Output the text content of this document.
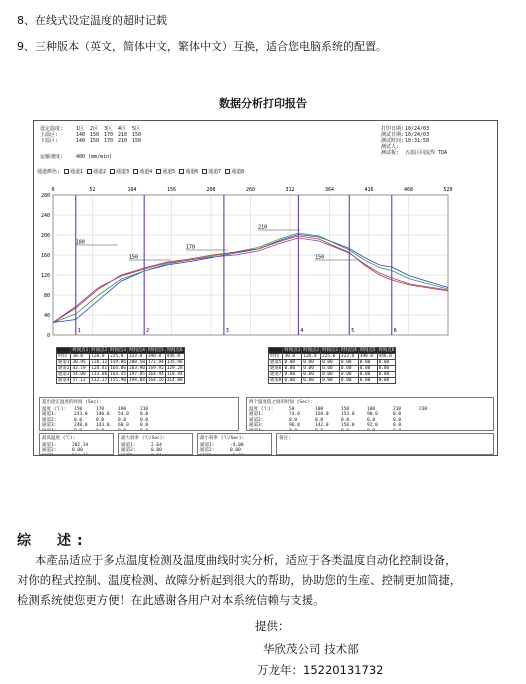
8、在线式设定温度的超时记载
9、三种版本（英文，简体中文，繁体中文）互换，适合您电脑系统的配置。
数据分析打印报告
设定温度:	1区 2区 3区 4区 5区
上温区:	140 150 170 210 150
下温区:	140 150 170 210 150
运输速度:	480 (mm/min)
打印日期:10/24/03
测试日期:10/24/03
测试时间:10:31:58
测试人:
测试板: 五温区回流焊 TDA
通道颜色: 通道1 通道2 通道3 通道4 通道5 通道6 通道7 通道8
0
40
80
120
160
200
240
280
0	52	104	156	208	260	312	364	416	468	520
1	2	3	4	5	6
180
150
170
210
150
	时间点1	时间点2	时间点3	时间点4	时间点5	时间点6
时间	30.0	120.0	225.0	323.0	390.0	446.0
通道1	30.95	128.12	159.86	200.58	172.94	135.96
通道2	42.19	128.41	164.06	203.90	169.92	129.28
通道3	54.00	133.88	164.45	197.85	164.94	110.44
通道4	57.12	132.27	155.90	194.04	164.16	114.08
	时间点1	时间点2	时间点3	时间点4	时间点5	时间点6
时间	30.0	120.0	225.0	323.0	390.0	446.0
通道5	0.00	0.00	0.00	0.00	0.00	0.00
通道6	0.00	0.00	0.00	0.00	0.00	0.00
通道7	0.00	0.00	0.00	0.00	0.00	0.00
通道8	0.00	0.00	0.00	0.00	0.00	0.00
超出指定温度的时间 (Sec):
温度 (℃):	150	170	190	210
通道1:	243.0	140.0	54.0	0.0
通道2:	0.0	0.0	0.0	0.0
通道3:	248.0	143.0	60.0	0.0
两个温度值之间的时间 (Sec):
温度 (℃):	50	100	150	180	210	230
通道1:	74.0	150.0	153.0	90.0	0.0
通道2:	0.0	0.0	0.0	0.0	0.0
通道3:	96.0	142.0	156.0	92.0	0.0
最高温度 (℃):
通道1:	202.34
通道2:	0.00
最大斜率 (℃/Sec):
通道1:	2.64
通道2:	0.00
最小斜率 (℃/Sec):
通道1:	-4.00
通道2:	0.00
备注:
综　述:
本產品适应于多点温度检测及温度曲线时实分析，适应于各类温度自动化控制设备，
对你的程式控制、温度检测、故障分析起到很大的帮助，协助您的生産、控制更加简捷，
检测系统使您更方便！在此感谢各用户对本系统信赖与支援。
提供：
华欣茂公司 技术部
万龙年：15220131732
